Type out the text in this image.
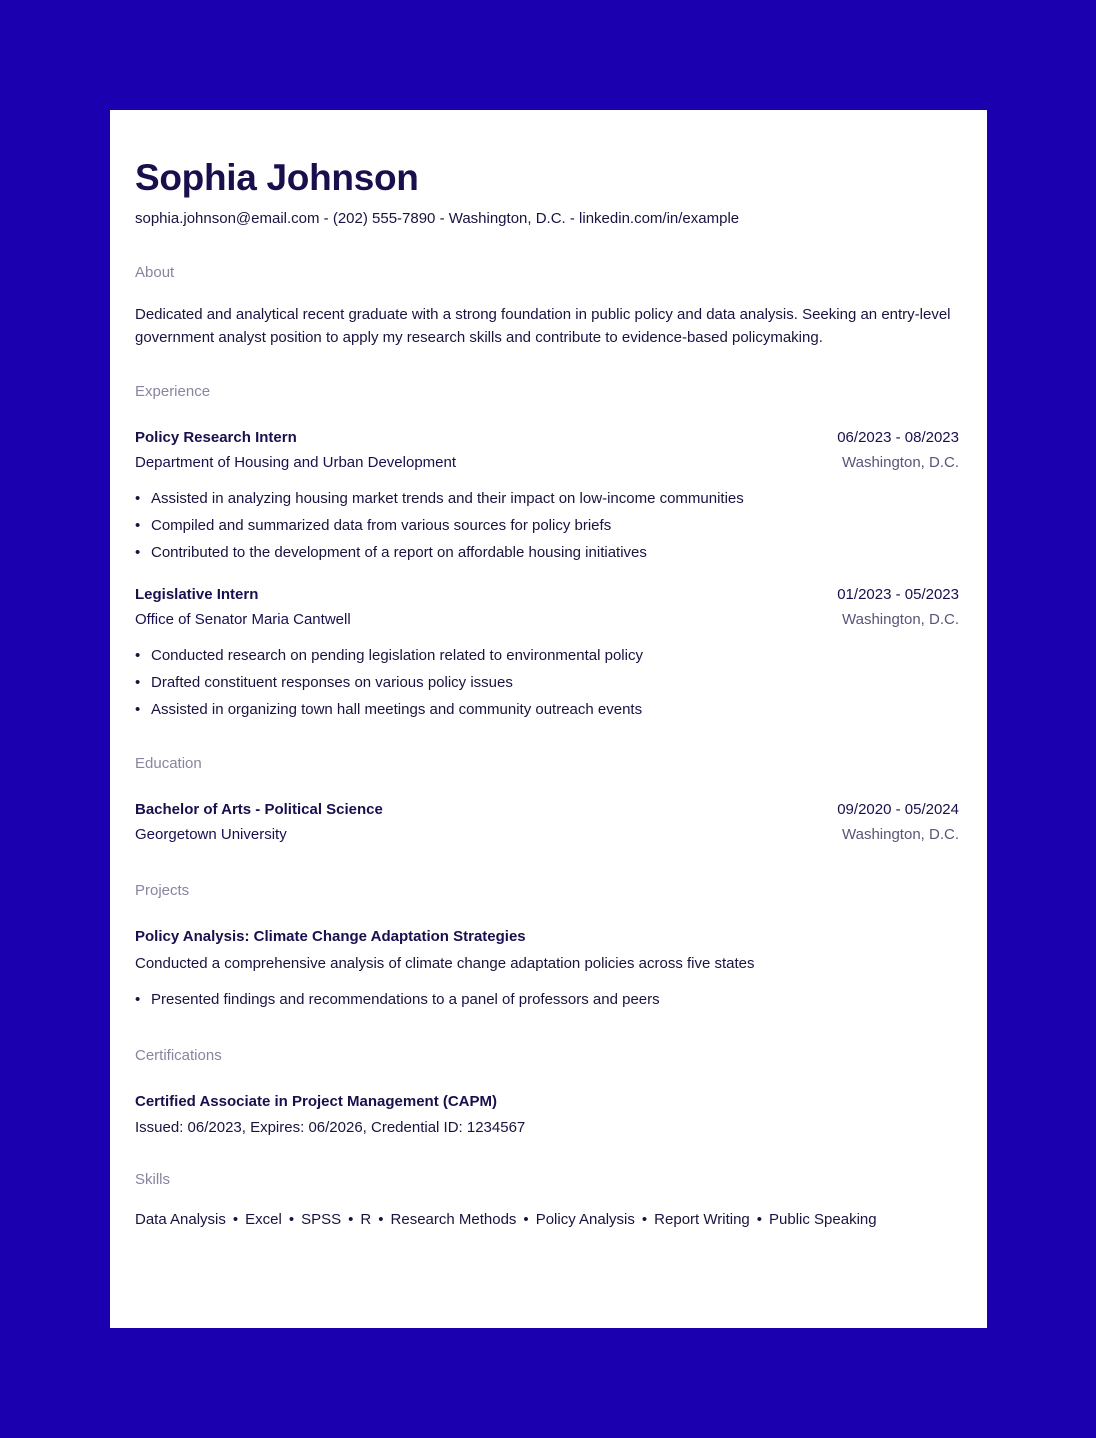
Sophia Johnson
sophia.johnson@email.com - (202) 555-7890 - Washington, D.C. - linkedin.com/in/example
About
Dedicated and analytical recent graduate with a strong foundation in public policy and data analysis. Seeking an entry-level government analyst position to apply my research skills and contribute to evidence-based policymaking.
Experience
Policy Research Intern	06/2023 - 08/2023
Department of Housing and Urban Development	Washington, D.C.
• Assisted in analyzing housing market trends and their impact on low-income communities
• Compiled and summarized data from various sources for policy briefs
• Contributed to the development of a report on affordable housing initiatives
Legislative Intern	01/2023 - 05/2023
Office of Senator Maria Cantwell	Washington, D.C.
• Conducted research on pending legislation related to environmental policy
• Drafted constituent responses on various policy issues
• Assisted in organizing town hall meetings and community outreach events
Education
Bachelor of Arts - Political Science	09/2020 - 05/2024
Georgetown University	Washington, D.C.
Projects
Policy Analysis: Climate Change Adaptation Strategies
Conducted a comprehensive analysis of climate change adaptation policies across five states
• Presented findings and recommendations to a panel of professors and peers
Certifications
Certified Associate in Project Management (CAPM)
Issued: 06/2023, Expires: 06/2026, Credential ID: 1234567
Skills
Data Analysis • Excel • SPSS • R • Research Methods • Policy Analysis • Report Writing • Public Speaking
